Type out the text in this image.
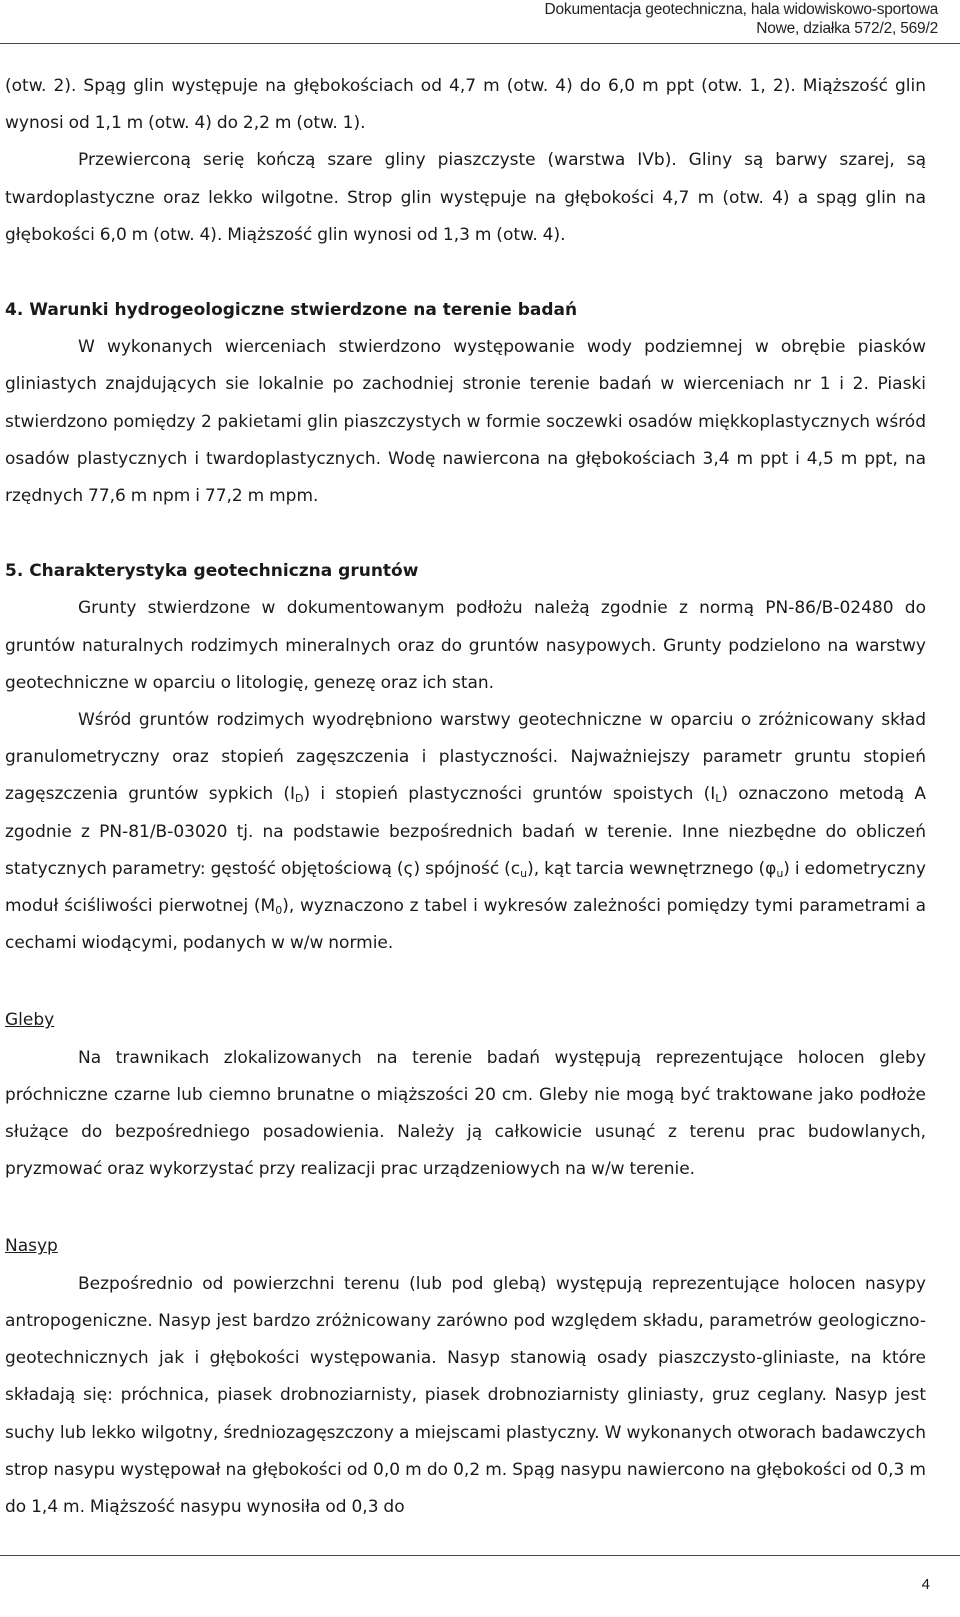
Dokumentacja geotechniczna, hala widowiskowo-sportowa
Nowe, działka 572/2, 569/2

(otw. 2). Spąg glin występuje na głębokościach od 4,7 m (otw. 4) do 6,0 m ppt (otw. 1, 2). Miąższość glin wynosi od 1,1 m (otw. 4) do 2,2 m (otw. 1).

Przewierconą serię kończą szare gliny piaszczyste (warstwa IVb). Gliny są barwy szarej, są twardoplastyczne oraz lekko wilgotne. Strop glin występuje na głębokości 4,7 m (otw. 4) a spąg glin na głębokości 6,0 m (otw. 4). Miąższość glin wynosi od 1,3 m (otw. 4).

4. Warunki hydrogeologiczne stwierdzone na terenie badań

W wykonanych wierceniach stwierdzono występowanie wody podziemnej w obrębie piasków gliniastych znajdujących sie lokalnie po zachodniej stronie terenie badań w wierceniach nr 1 i 2. Piaski stwierdzono pomiędzy 2 pakietami glin piaszczystych w formie soczewki osadów miękkoplastycznych wśród osadów plastycznych i twardoplastycznych. Wodę nawiercona na głębokościach 3,4 m ppt i 4,5 m ppt, na rzędnych 77,6 m npm i 77,2 m mpm.

5. Charakterystyka geotechniczna gruntów

Grunty stwierdzone w dokumentowanym podłożu należą zgodnie z normą PN-86/B-02480 do gruntów naturalnych rodzimych mineralnych oraz do gruntów nasypowych. Grunty podzielono na warstwy geotechniczne w oparciu o litologię, genezę oraz ich stan.

Wśród gruntów rodzimych wyodrębniono warstwy geotechniczne w oparciu o zróżnicowany skład granulometryczny oraz stopień zagęszczenia i plastyczności. Najważniejszy parametr gruntu stopień zagęszczenia gruntów sypkich $(I_D)$ i stopień plastyczności gruntów spoistych $(I_L)$ oznaczono metodą A zgodnie z PN-81/B-03020 tj. na podstawie bezpośrednich badań w terenie. Inne niezbędne do obliczeń statycznych parametry: gęstość objętościową (ς) spójność $(c_u)$, kąt tarcia wewnętrznego $(\varphi_u)$ i edometryczny moduł ściśliwości pierwotnej $(M_0)$, wyznaczono z tabel i wykresów zależności pomiędzy tymi parametrami a cechami wiodącymi, podanych w w/w normie.

Gleby

Na trawnikach zlokalizowanych na terenie badań występują reprezentujące holocen gleby próchniczne czarne lub ciemno brunatne o miąższości 20 cm. Gleby nie mogą być traktowane jako podłoże służące do bezpośredniego posadowienia. Należy ją całkowicie usunąć z terenu prac budowlanych, pryzmować oraz wykorzystać przy realizacji prac urządzeniowych na w/w terenie.

Nasyp

Bezpośrednio od powierzchni terenu (lub pod glebą) występują reprezentujące holocen nasypy antropogeniczne. Nasyp jest bardzo zróżnicowany zarówno pod względem składu, parametrów geologiczno-geotechnicznych jak i głębokości występowania. Nasyp stanowią osady piaszczysto-gliniaste, na które składają się: próchnica, piasek drobnoziarnisty, piasek drobnoziarnisty gliniasty, gruz ceglany. Nasyp jest suchy lub lekko wilgotny, średniozagęszczony a miejscami plastyczny. W wykonanych otworach badawczych strop nasypu występował na głębokości od 0,0 m do 0,2 m. Spąg nasypu nawiercono na głębokości od 0,3 m do 1,4 m. Miąższość nasypu wynosiła od 0,3 do

4
